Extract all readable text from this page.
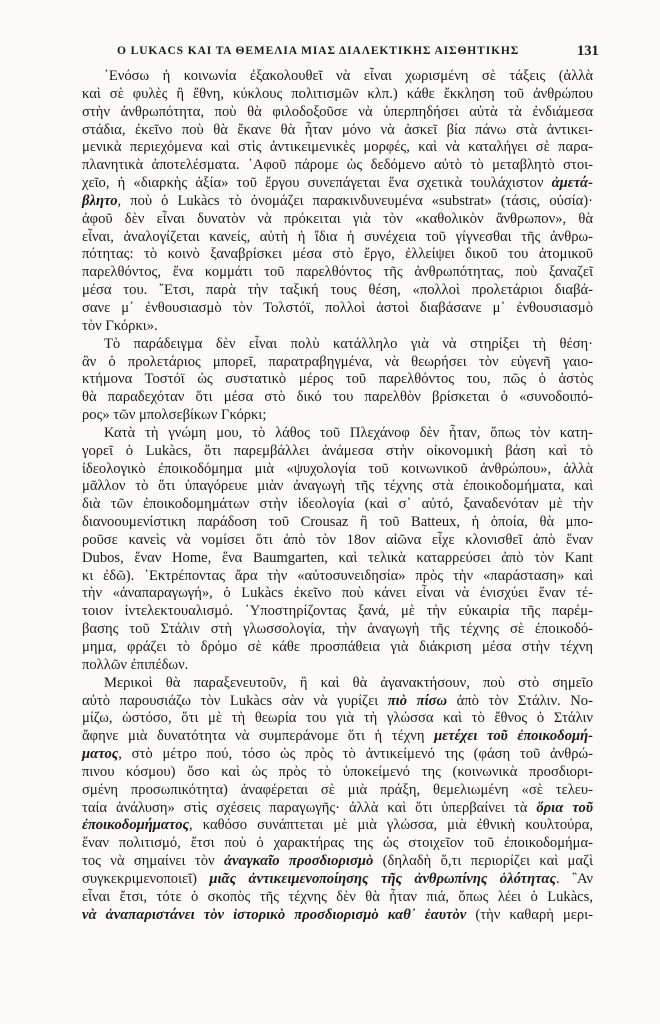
Ο LUKACS ΚΑΙ ΤΑ ΘΕΜΕΛΙΑ ΜΙΑΣ ΔΙΑΛΕΚΤΙΚΗΣ ΑΙΣΘΗΤΙΚΗΣ	131
᾿Ενόσω ἡ κοινωνία ἐξακολουθεῖ νὰ εἶναι χωρισμένη σὲ τάξεις (ἀλλὰ
καὶ σὲ φυλὲς ἢ ἔθνη, κύκλους πολιτισμῶν κλπ.) κάθε ἔκκληση τοῦ ἀνθρώπου
στὴν ἀνθρωπότητα, ποὺ θὰ φιλοδοξοῦσε νὰ ὑπερπηδήσει αὐτὰ τὰ ἐνδιάμεσα
στάδια, ἐκεῖνο ποὺ θὰ ἔκανε θὰ ἦταν μόνο νὰ ἀσκεῖ βία πάνω στὰ ἀντικει-
μενικὰ περιεχόμενα καὶ στὶς ἀντικειμενικὲς μορφές, καὶ νὰ καταλήγει σὲ παρα-
πλανητικὰ ἀποτελέσματα. ᾿Αφοῦ πάρομε ὡς δεδόμενο αὐτὸ τὸ μεταβλητὸ στοι-
χεῖο, ἡ «διαρκὴς ἀξία» τοῦ ἔργου συνεπάγεται ἕνα σχετικὰ τουλάχιστον ἀμετά-
βλητο, ποὺ ὁ Lukàcs τὸ ὀνομάζει παρακινδυνευμένα «substrat» (τάσις, οὐσία)·
ἀφοῦ δὲν εἶναι δυνατὸν νὰ πρόκειται γιὰ τὸν «καθολικὸν ἄνθρωπον», θὰ
εἶναι, ἀναλογίζεται κανείς, αὐτὴ ἡ ἴδια ἡ συνέχεια τοῦ γίγνεσθαι τῆς ἀνθρω-
πότητας: τὸ κοινὸ ξαναβρίσκει μέσα στὸ ἔργο, ἐλλείψει δικοῦ του ἀτομικοῦ
παρελθόντος, ἕνα κομμάτι τοῦ παρελθόντος τῆς ἀνθρωπότητας, ποὺ ξαναζεῖ
μέσα του. ῎Ετσι, παρὰ τὴν ταξική τους θέση, «πολλοὶ προλετάριοι διαβά-
σανε μ᾿ ἐνθουσιασμὸ τὸν Τολστόϊ, πολλοὶ ἀστοὶ διαβάσανε μ᾿ ἐνθουσιασμὸ
τὸν Γκόρκι».
Τὸ παράδειγμα δὲν εἶναι πολὺ κατάλληλο γιὰ νὰ στηρίξει τὴ θέση·
ἂν ὁ προλετάριος μπορεῖ, παρατραβηγμένα, νὰ θεωρήσει τὸν εὐγενῆ γαιο-
κτήμονα Τοστόϊ ὡς συστατικὸ μέρος τοῦ παρελθόντος του, πῶς ὁ ἀστὸς
θὰ παραδεχόταν ὅτι μέσα στὸ δικό του παρελθὸν βρίσκεται ὁ «συνοδοιπό-
ρος» τῶν μπολσεβίκων Γκόρκι;
Κατὰ τὴ γνώμη μου, τὸ λάθος τοῦ Πλεχάνοφ δὲν ἦταν, ὅπως τὸν κατη-
γορεῖ ὁ Lukàcs, ὅτι παρεμβάλλει ἀνάμεσα στὴν οἰκονομικὴ βάση καὶ τὸ
ἰδεολογικὸ ἐποικοδόμημα μιὰ «ψυχολογία τοῦ κοινωνικοῦ ἀνθρώπου», ἀλλὰ
μᾶλλον τὸ ὅτι ὑπαγόρευε μιὰν ἀναγωγὴ τῆς τέχνης στὰ ἐποικοδομήματα, καὶ
διὰ τῶν ἐποικοδομημάτων στὴν ἰδεολογία (καὶ σ᾿ αὐτό, ξαναδενόταν μὲ τὴν
διανοουμενίστικη παράδοση τοῦ Crousaz ἢ τοῦ Batteux, ἡ ὁποία, θὰ μπο-
ροῦσε κανεὶς νὰ νομίσει ὅτι ἀπὸ τὸν 18ον αἰῶνα εἶχε κλονισθεῖ ἀπὸ ἕναν
Dubos, ἕναν Home, ἕνα Baumgarten, καὶ τελικὰ καταρρεύσει ἀπὸ τὸν Kant
κι ἐδῶ). ᾿Εκτρέποντας ἄρα τὴν «αὐτοσυνειδησία» πρὸς τὴν «παράσταση» καὶ
τὴν «ἀναπαραγωγή», ὁ Lukàcs ἐκεῖνο ποὺ κάνει εἶναι νὰ ἐνισχύει ἕναν τέ-
τοιον ἰντελεκτουαλισμό. ῾Υποστηρίζοντας ξανά, μὲ τὴν εὐκαιρία τῆς παρέμ-
βασης τοῦ Στάλιν στὴ γλωσσολογία, τὴν ἀναγωγὴ τῆς τέχνης σὲ ἐποικοδό-
μημα, φράζει τὸ δρόμο σὲ κάθε προσπάθεια γιὰ διάκριση μέσα στὴν τέχνη
πολλῶν ἐπιπέδων.
Μερικοὶ θὰ παραξενευτοῦν, ἢ καὶ θὰ ἀγανακτήσουν, ποὺ στὸ σημεῖο
αὐτὸ παρουσιάζω τὸν Lukàcs σὰν νὰ γυρίζει πιὸ πίσω ἀπὸ τὸν Στάλιν. Νο-
μίζω, ὡστόσο, ὅτι μὲ τὴ θεωρία του γιὰ τὴ γλώσσα καὶ τὸ ἔθνος ὁ Στάλιν
ἄφηνε μιὰ δυνατότητα νὰ συμπεράνομε ὅτι ἡ τέχνη μετέχει τοῦ ἐποικοδομή-
ματος, στὸ μέτρο πού, τόσο ὡς πρὸς τὸ ἀντικείμενό της (φάση τοῦ ἀνθρώ-
πινου κόσμου) ὅσο καὶ ὡς πρὸς τὸ ὑποκείμενό της (κοινωνικὰ προσδιορι-
σμένη προσωπικότητα) ἀναφέρεται σὲ μιὰ πράξη, θεμελιωμένη «σὲ τελευ-
ταία ἀνάλυση» στὶς σχέσεις παραγωγῆς· ἀλλὰ καὶ ὅτι ὑπερβαίνει τὰ ὅρια τοῦ
ἐποικοδομήματος, καθόσο συνάπτεται μὲ μιὰ γλώσσα, μιὰ ἐθνικὴ κουλτούρα,
ἕναν πολιτισμό, ἔτσι ποὺ ὁ χαρακτήρας της ὡς στοιχεῖον τοῦ ἐποικοδομήμα-
τος νὰ σημαίνει τὸν ἀναγκαῖο προσδιορισμὸ (δηλαδὴ ὅ,τι περιορίζει καὶ μαζὶ
συγκεκριμενοποιεῖ) μιᾶς ἀντικειμενοποίησης τῆς ἀνθρωπίνης ὁλότητας. ῍Αν
εἶναι ἔτσι, τότε ὁ σκοπὸς τῆς τέχνης δὲν θὰ ἦταν πιά, ὅπως λέει ὁ Lukàcs,
νὰ ἀναπαριστάνει τὸν ἱστορικὸ προσδιορισμὸ καθ᾿ ἑαυτὸν (τὴν καθαρὴ μερι-
